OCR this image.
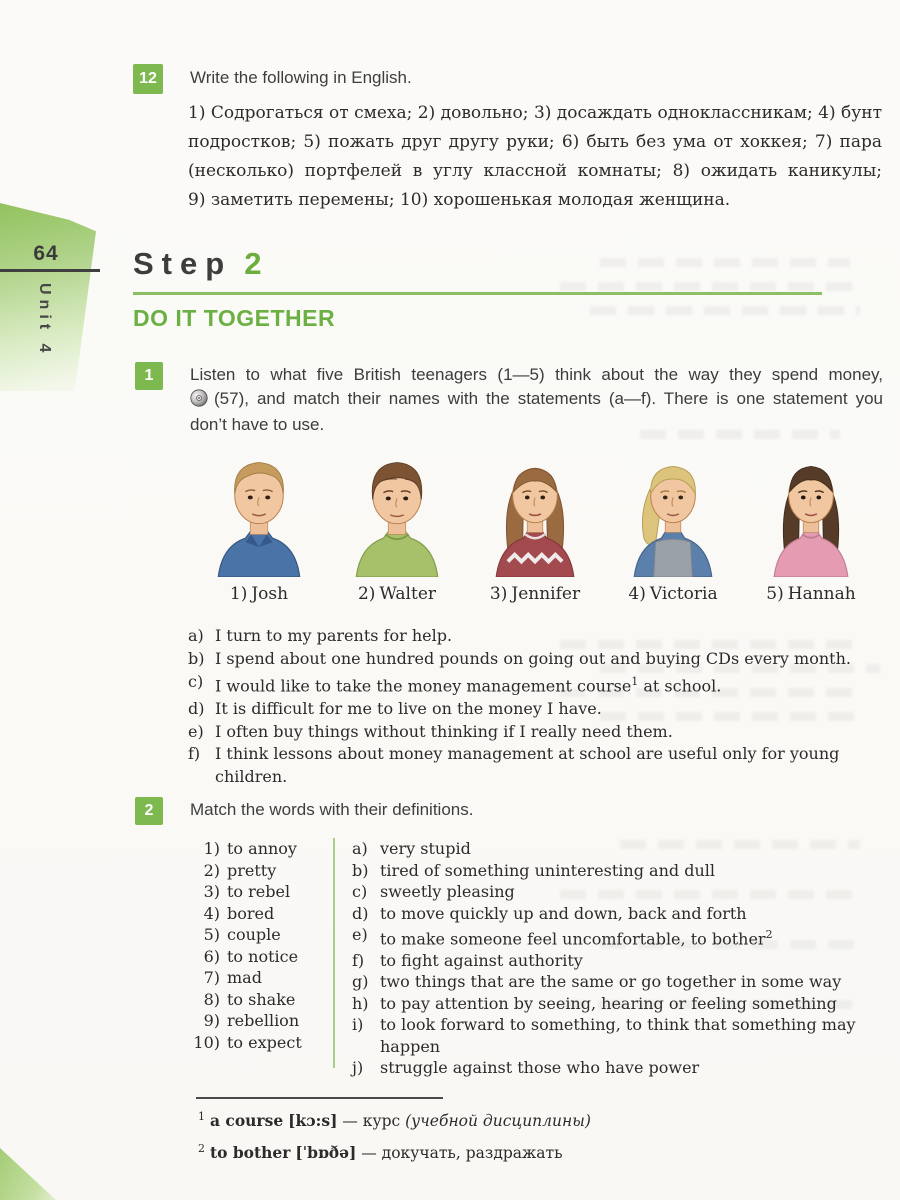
64
Unit 4
12	Write the following in English.
1) Содрогаться от смеха; 2) довольно; 3) досаждать одноклассникам; 4) бунт
подростков; 5) пожать друг другу руки; 6) быть без ума от хоккея; 7) пара
(несколько) портфелей в углу классной комнаты; 8) ожидать каникулы;
9) заметить перемены; 10) хорошенькая молодая женщина.
Step 2
DO IT TOGETHER
1	Listen to what five British teenagers (1—5) think about the way they spend money,
(57), and match their names with the statements (a—f). There is one statement you
don’t have to use.
1) Josh	2) Walter	3) Jennifer	4) Victoria	5) Hannah
a) I turn to my parents for help.
b) I spend about one hundred pounds on going out and buying CDs every month.
c) I would like to take the money management course$^1$ at school.
d) It is difficult for me to live on the money I have.
e) I often buy things without thinking if I really need them.
f) I think lessons about money management at school are useful only for young children.
2	Match the words with their definitions.
1) to annoy
2) pretty
3) to rebel
4) bored
5) couple
6) to notice
7) mad
8) to shake
9) rebellion
10) to expect
a) very stupid
b) tired of something uninteresting and dull
c) sweetly pleasing
d) to move quickly up and down, back and forth
e) to make someone feel uncomfortable, to bother$^2$
f) to fight against authority
g) two things that are the same or go together in some way
h) to pay attention by seeing, hearing or feeling something
i)	to look forward to something, to think that something may happen
j)	struggle against those who have power
$^1$ a course [kɔ:s] — курс (учебной дисциплины)
$^2$ to bother [ˈbɒðə] — докучать, раздражать
